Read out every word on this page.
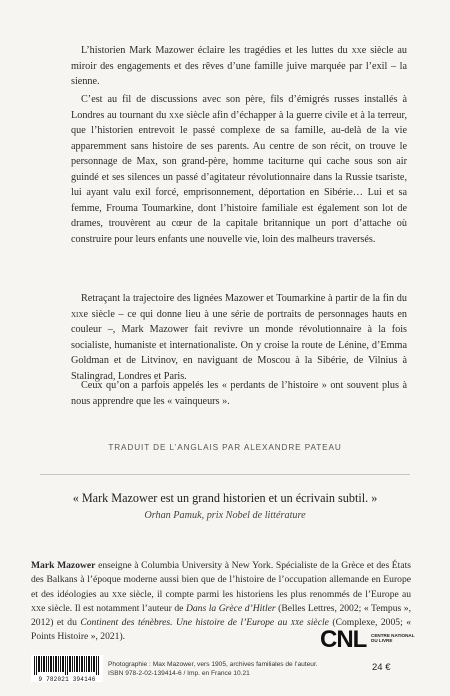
L’historien Mark Mazower éclaire les tragédies et les luttes du xxe siècle au miroir des engagements et des rêves d’une famille juive marquée par l’exil – la sienne.

C’est au fil de discussions avec son père, fils d’émigrés russes installés à Londres au tournant du xxe siècle afin d’échapper à la guerre civile et à la terreur, que l’historien entrevoit le passé complexe de sa famille, au-delà de la vie apparemment sans histoire de ses parents. Au centre de son récit, on trouve le personnage de Max, son grand-père, homme taciturne qui cache sous son air guindé et ses silences un passé d’agitateur révolutionnaire dans la Russie tsariste, lui ayant valu exil forcé, emprisonnement, déportation en Sibérie… Lui et sa femme, Frouma Toumarkine, dont l’histoire familiale est également son lot de drames, trouvèrent au cœur de la capitale britannique un port d’attache où construire pour leurs enfants une nouvelle vie, loin des malheurs traversés.

Retraçant la trajectoire des lignées Mazower et Toumarkine à partir de la fin du xixe siècle – ce qui donne lieu à une série de portraits de personnages hauts en couleur –, Mark Mazower fait revivre un monde révolutionnaire à la fois socialiste, humaniste et internationaliste. On y croise la route de Lénine, d’Emma Goldman et de Litvinov, en naviguant de Moscou à la Sibérie, de Vilnius à Stalingrad, Londres et Paris.

Ceux qu’on a parfois appelés les « perdants de l’histoire » ont souvent plus à nous apprendre que les « vainqueurs ».

TRADUIT DE L’ANGLAIS PAR ALEXANDRE PATEAU
« Mark Mazower est un grand historien et un écrivain subtil. »
Orhan Pamuk, prix Nobel de littérature

Mark Mazower enseigne à Columbia University à New York. Spécialiste de la Grèce et des États des Balkans à l’époque moderne aussi bien que de l’histoire de l’occupation allemande en Europe et des idéologies au xxe siècle, il compte parmi les historiens les plus renommés de l’Europe au xxe siècle. Il est notamment l’auteur de Dans la Grèce d’Hitler (Belles Lettres, 2002; « Tempus », 2012) et du Continent des ténèbres. Une histoire de l’Europe au xxe siècle (Complexe, 2005; « Points Histoire », 2021).	CNL CENTRE NATIONAL DU LIVRE
9 782021 394146
Photographie : Max Mazower, vers 1905, archives familiales de l’auteur.
ISBN 978-2-02-139414-6 / Imp. en France 10.21
24 €
